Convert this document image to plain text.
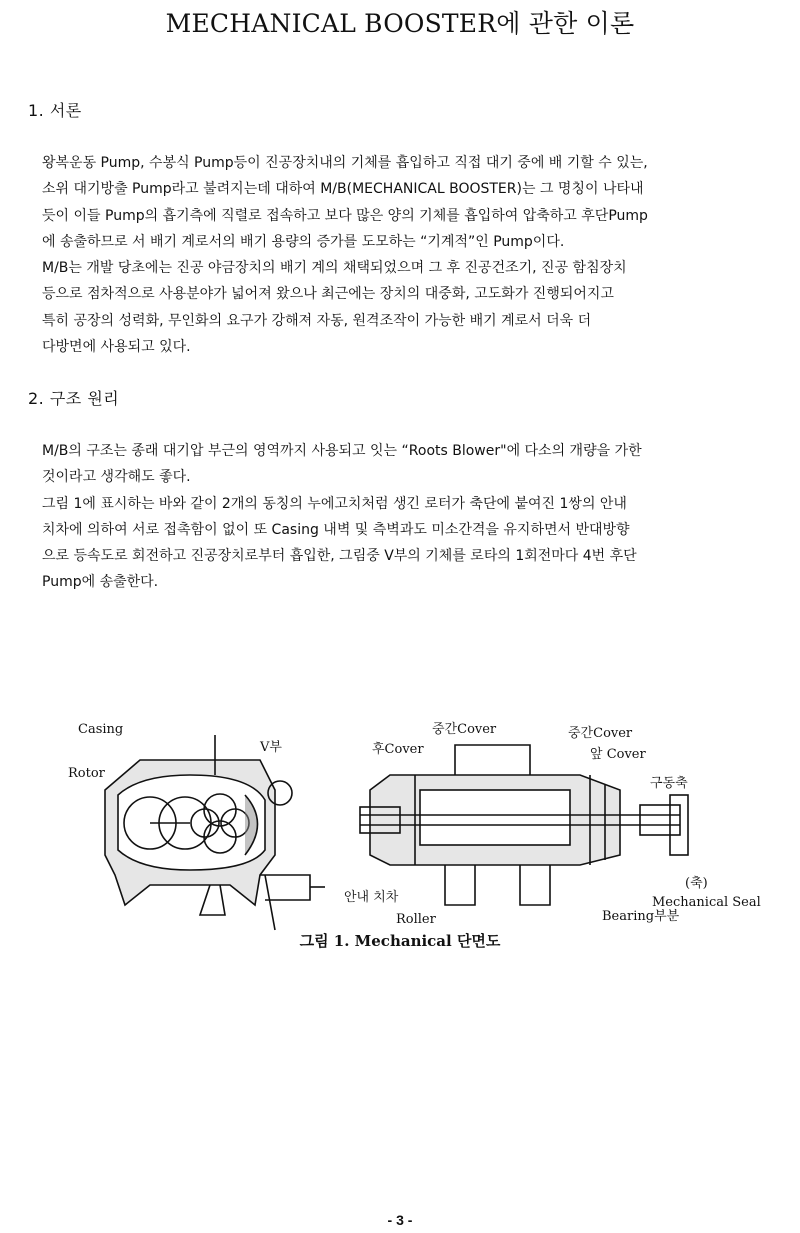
MECHANICAL BOOSTER에 관한 이론
1. 서론
왕복운동 Pump, 수봉식 Pump등이 진공장치내의 기체를 흡입하고 직접 대기 중에 배 기할 수 있는,
소위 대기방출 Pump라고 불려지는데 대하여 M/B(MECHANICAL BOOSTER)는 그 명칭이 나타내
듯이 이들 Pump의 흡기측에 직렬로 접속하고 보다 많은 양의 기체를 흡입하여 압축하고 후단Pump
에 송출하므로 서 배기 계로서의 배기 용량의 증가를 도모하는 “기계적”인 Pump이다.
M/B는 개발 당초에는 진공 야금장치의 배기 계의 채택되었으며 그 후 진공건조기, 진공 함침장치
등으로 점차적으로 사용분야가 넓어져 왔으나 최근에는 장치의 대중화, 고도화가 진행되어지고
특히 공장의 성력화, 무인화의 요구가 강해져 자동, 원격조작이 가능한 배기 계로서 더욱 더
다방면에 사용되고 있다.
2. 구조 원리
M/B의 구조는 종래 대기압 부근의 영역까지 사용되고 잇는 “Roots Blower"에 다소의 개량을 가한
것이라고 생각해도 좋다.
그림 1에 표시하는 바와 같이 2개의 동칭의 누에고치처럼 생긴 로터가 축단에 붙여진 1쌍의 안내
치차에 의하여 서로 접촉함이 없이 또 Casing 내벽 및 측벽과도 미소간격을 유지하면서 반대방향
으로 등속도로 회전하고 진공장치로부터 흡입한, 그림중 V부의 기체를 로타의 1회전마다 4번 후단
Pump에 송출한다.
Casing
Rotor
V부
중간Cover
후Cover
중간Cover
앞 Cover
구동축
(축)
Mechanical Seal
Bearing부분
안내 치차
Roller
그림 1. Mechanical 단면도
- 3 -
